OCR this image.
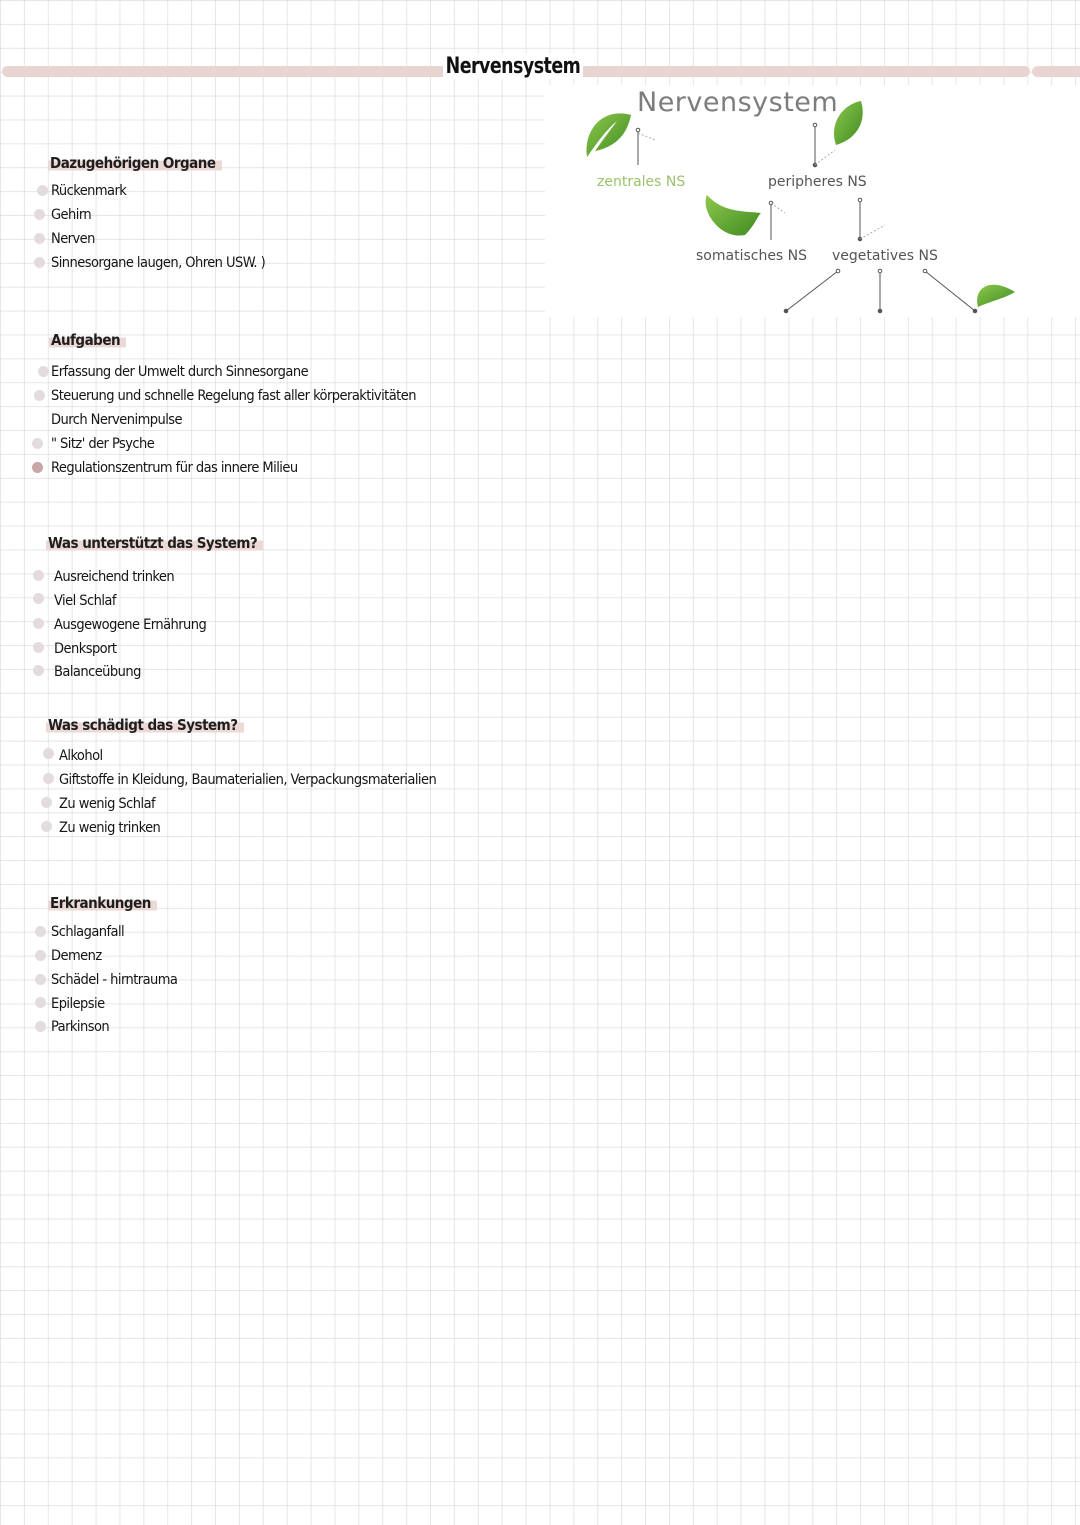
Nervensystem
Nervensystem
zentrales NS	peripheres NS
somatisches NS vegetatives NS
Dazugehörigen Organe
Rückenmark
Gehirn
Nerven
Sinnesorgane laugen, Ohren USW. )
Aufgaben
Erfassung der Umwelt durch Sinnesorgane
Steuerung und schnelle Regelung fast aller körperaktivitäten
Durch Nervenimpulse
" Sitz' der Psyche
Regulationszentrum für das innere Milieu
Was unterstützt das System?
Ausreichend trinken
Viel Schlaf
Ausgewogene Ernährung
Denksport
Balanceübung
Was schädigt das System?
Alkohol
Giftstoffe in Kleidung, Baumaterialien, Verpackungsmaterialien
Zu wenig Schlaf
Zu wenig trinken
Erkrankungen
Schlaganfall
Demenz
Schädel - hirntrauma
Epilepsie
Parkinson
